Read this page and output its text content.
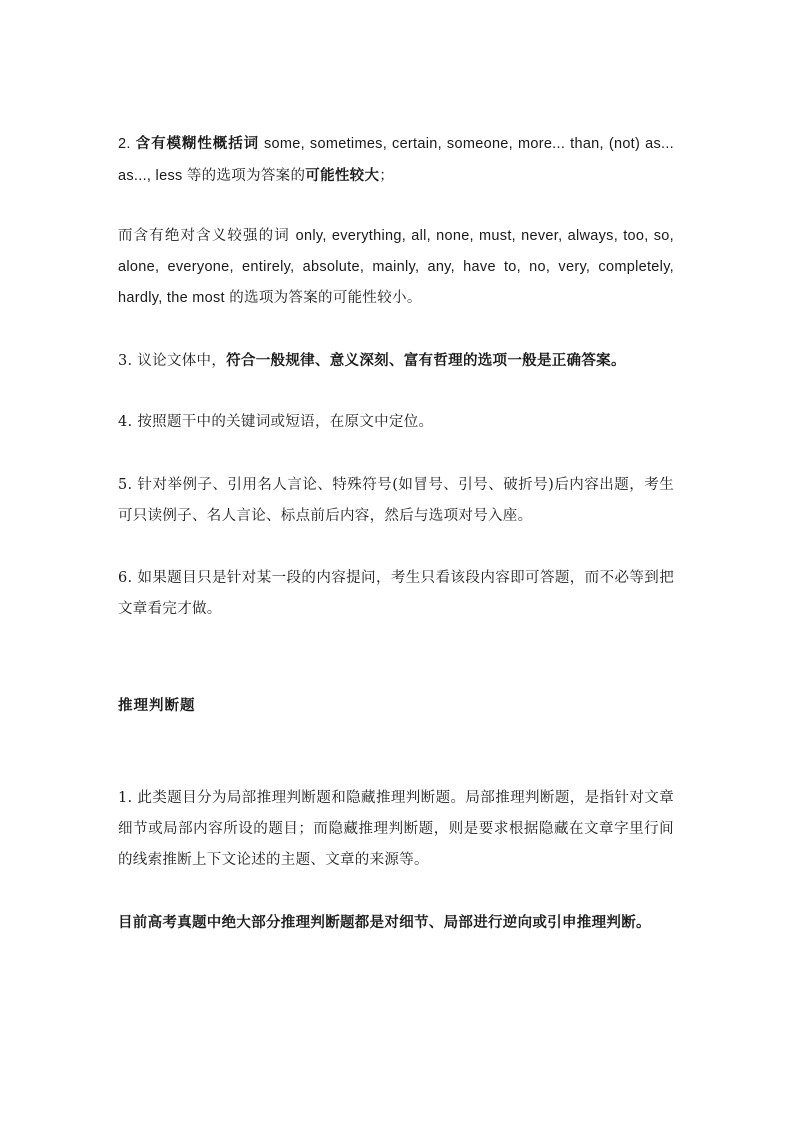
2. 含有模糊性概括词 some, sometimes, certain, someone, more... than, (not) as... as..., less 等的选项为答案的可能性较大；
而含有绝对含义较强的词 only, everything, all, none, must, never, always, too, so, alone, everyone, entirely, absolute, mainly, any, have to, no, very, completely, hardly, the most 的选项为答案的可能性较小。
3. 议论文体中，符合一般规律、意义深刻、富有哲理的选项一般是正确答案。
4. 按照题干中的关键词或短语，在原文中定位。
5. 针对举例子、引用名人言论、特殊符号(如冒号、引号、破折号)后内容出题，考生可只读例子、名人言论、标点前后内容，然后与选项对号入座。
6. 如果题目只是针对某一段的内容提问，考生只看该段内容即可答题，而不必等到把文章看完才做。
推理判断题
1. 此类题目分为局部推理判断题和隐藏推理判断题。局部推理判断题，是指针对文章细节或局部内容所设的题目；而隐藏推理判断题，则是要求根据隐藏在文章字里行间的线索推断上下文论述的主题、文章的来源等。
目前高考真题中绝大部分推理判断题都是对细节、局部进行逆向或引申推理判断。
